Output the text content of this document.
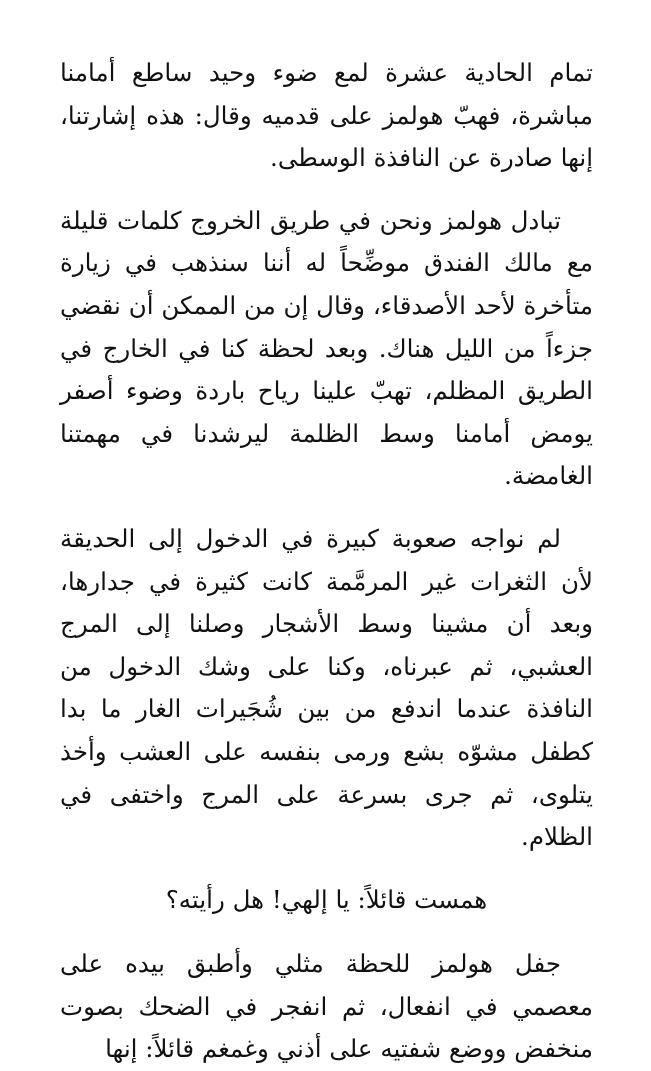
تمام الحادية عشرة لمع ضوء وحيد ساطع أمامنا مباشرة، فهبّ هولمز على قدميه وقال: هذه إشارتنا، إنها صادرة عن النافذة الوسطى.

تبادل هولمز ونحن في طريق الخروج كلمات قليلة مع مالك الفندق موضِّحاً له أننا سنذهب في زيارة متأخرة لأحد الأصدقاء، وقال إن من الممكن أن نقضي جزءاً من الليل هناك. وبعد لحظة كنا في الخارج في الطريق المظلم، تهبّ علينا رياح باردة وضوء أصفر يومض أمامنا وسط الظلمة ليرشدنا في مهمتنا الغامضة.

لم نواجه صعوبة كبيرة في الدخول إلى الحديقة لأن الثغرات غير المرمَّمة كانت كثيرة في جدارها، وبعد أن مشينا وسط الأشجار وصلنا إلى المرج العشبي، ثم عبرناه، وكنا على وشك الدخول من النافذة عندما اندفع من بين شُجَيرات الغار ما بدا كطفل مشوّه بشع ورمى بنفسه على العشب وأخذ يتلوى، ثم جرى بسرعة على المرج واختفى في الظلام.

همست قائلاً: يا إلهي! هل رأيته؟

جفل هولمز للحظة مثلي وأطبق بيده على معصمي في انفعال، ثم انفجر في الضحك بصوت منخفض ووضع شفتيه على أذني وغمغم قائلاً: إنها
